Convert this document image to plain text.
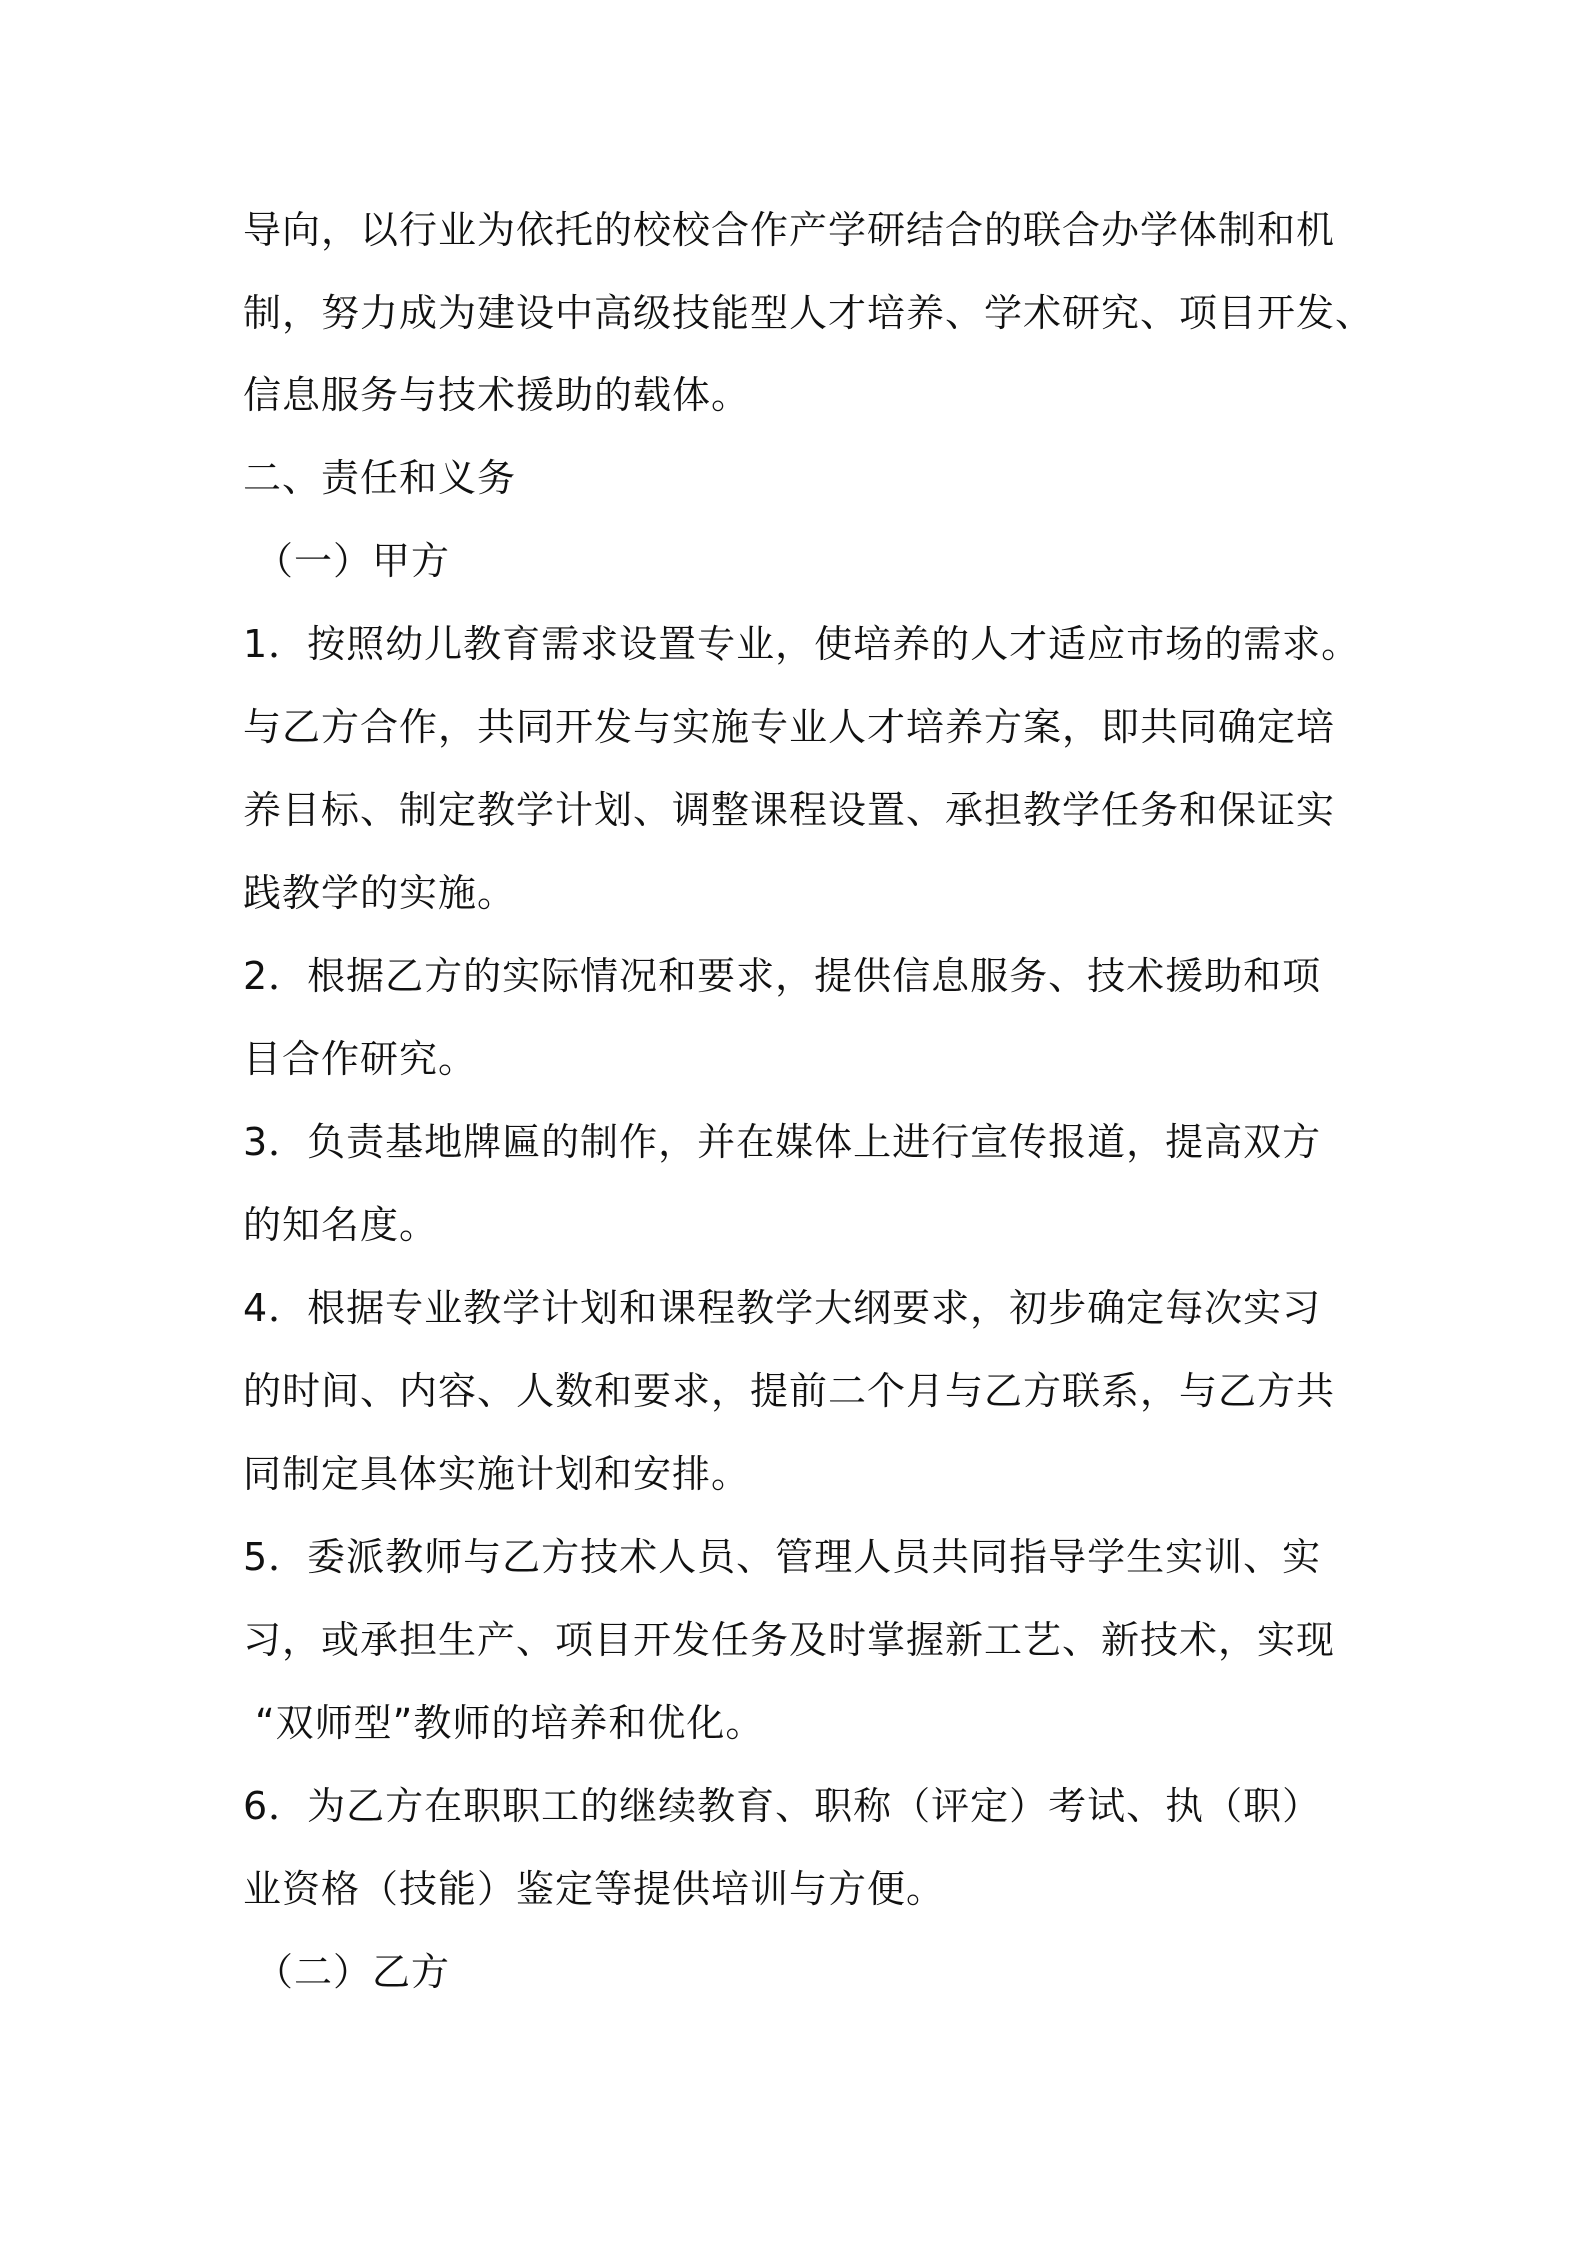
导向，以行业为依托的校校合作产学研结合的联合办学体制和机
制，努力成为建设中高级技能型人才培养、学术研究、项目开发、
信息服务与技术援助的载体。
二、责任和义务
（一）甲方
1．按照幼儿教育需求设置专业，使培养的人才适应市场的需求。
与乙方合作，共同开发与实施专业人才培养方案，即共同确定培
养目标、制定教学计划、调整课程设置、承担教学任务和保证实
践教学的实施。
2．根据乙方的实际情况和要求，提供信息服务、技术援助和项
目合作研究。
3．负责基地牌匾的制作，并在媒体上进行宣传报道，提高双方
的知名度。
4．根据专业教学计划和课程教学大纲要求，初步确定每次实习
的时间、内容、人数和要求，提前二个月与乙方联系，与乙方共
同制定具体实施计划和安排。
5．委派教师与乙方技术人员、管理人员共同指导学生实训、实
习，或承担生产、项目开发任务及时掌握新工艺、新技术，实现
“双师型”教师的培养和优化。
6．为乙方在职职工的继续教育、职称（评定）考试、执（职）
业资格（技能）鉴定等提供培训与方便。
（二）乙方
